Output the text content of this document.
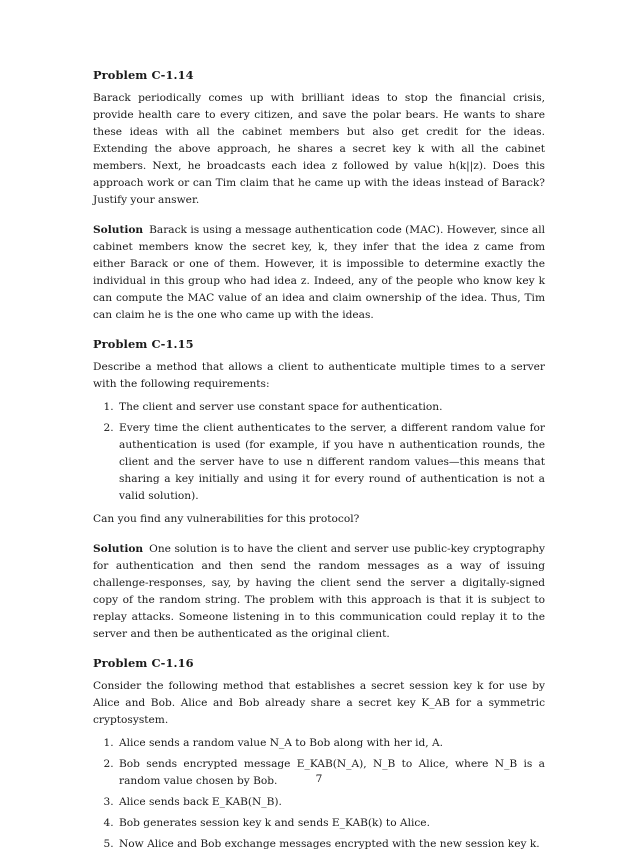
Problem C-1.14

Barack periodically comes up with brilliant ideas to stop the financial crisis, provide health care to every citizen, and save the polar bears. He wants to share these ideas with all the cabinet members but also get credit for the ideas. Extending the above approach, he shares a secret key k with all the cabinet members. Next, he broadcasts each idea z followed by value h(k||z). Does this approach work or can Tim claim that he came up with the ideas instead of Barack? Justify your answer.

Solution Barack is using a message authentication code (MAC). However, since all cabinet members know the secret key, k, they infer that the idea z came from either Barack or one of them. However, it is impossible to determine exactly the individual in this group who had idea z. Indeed, any of the people who know key k can compute the MAC value of an idea and claim ownership of the idea. Thus, Tim can claim he is the one who came up with the ideas.

Problem C-1.15

Describe a method that allows a client to authenticate multiple times to a server with the following requirements:

1. The client and server use constant space for authentication.
2. Every time the client authenticates to the server, a different random value for authentication is used (for example, if you have n authentication rounds, the client and the server have to use n different random values—this means that sharing a key initially and using it for every round of authentication is not a valid solution).

Can you find any vulnerabilities for this protocol?

Solution One solution is to have the client and server use public-key cryptography for authentication and then send the random messages as a way of issuing challenge-responses, say, by having the client send the server a digitally-signed copy of the random string. The problem with this approach is that it is subject to replay attacks. Someone listening in to this communication could replay it to the server and then be authenticated as the original client.

Problem C-1.16

Consider the following method that establishes a secret session key k for use by Alice and Bob. Alice and Bob already share a secret key K_AB for a symmetric cryptosystem.

1. Alice sends a random value N_A to Bob along with her id, A.
2. Bob sends encrypted message E_KAB(N_A), N_B to Alice, where N_B is a random value chosen by Bob.
3. Alice sends back E_KAB(N_B).
4. Bob generates session key k and sends E_KAB(k) to Alice.
5. Now Alice and Bob exchange messages encrypted with the new session key k.
7
